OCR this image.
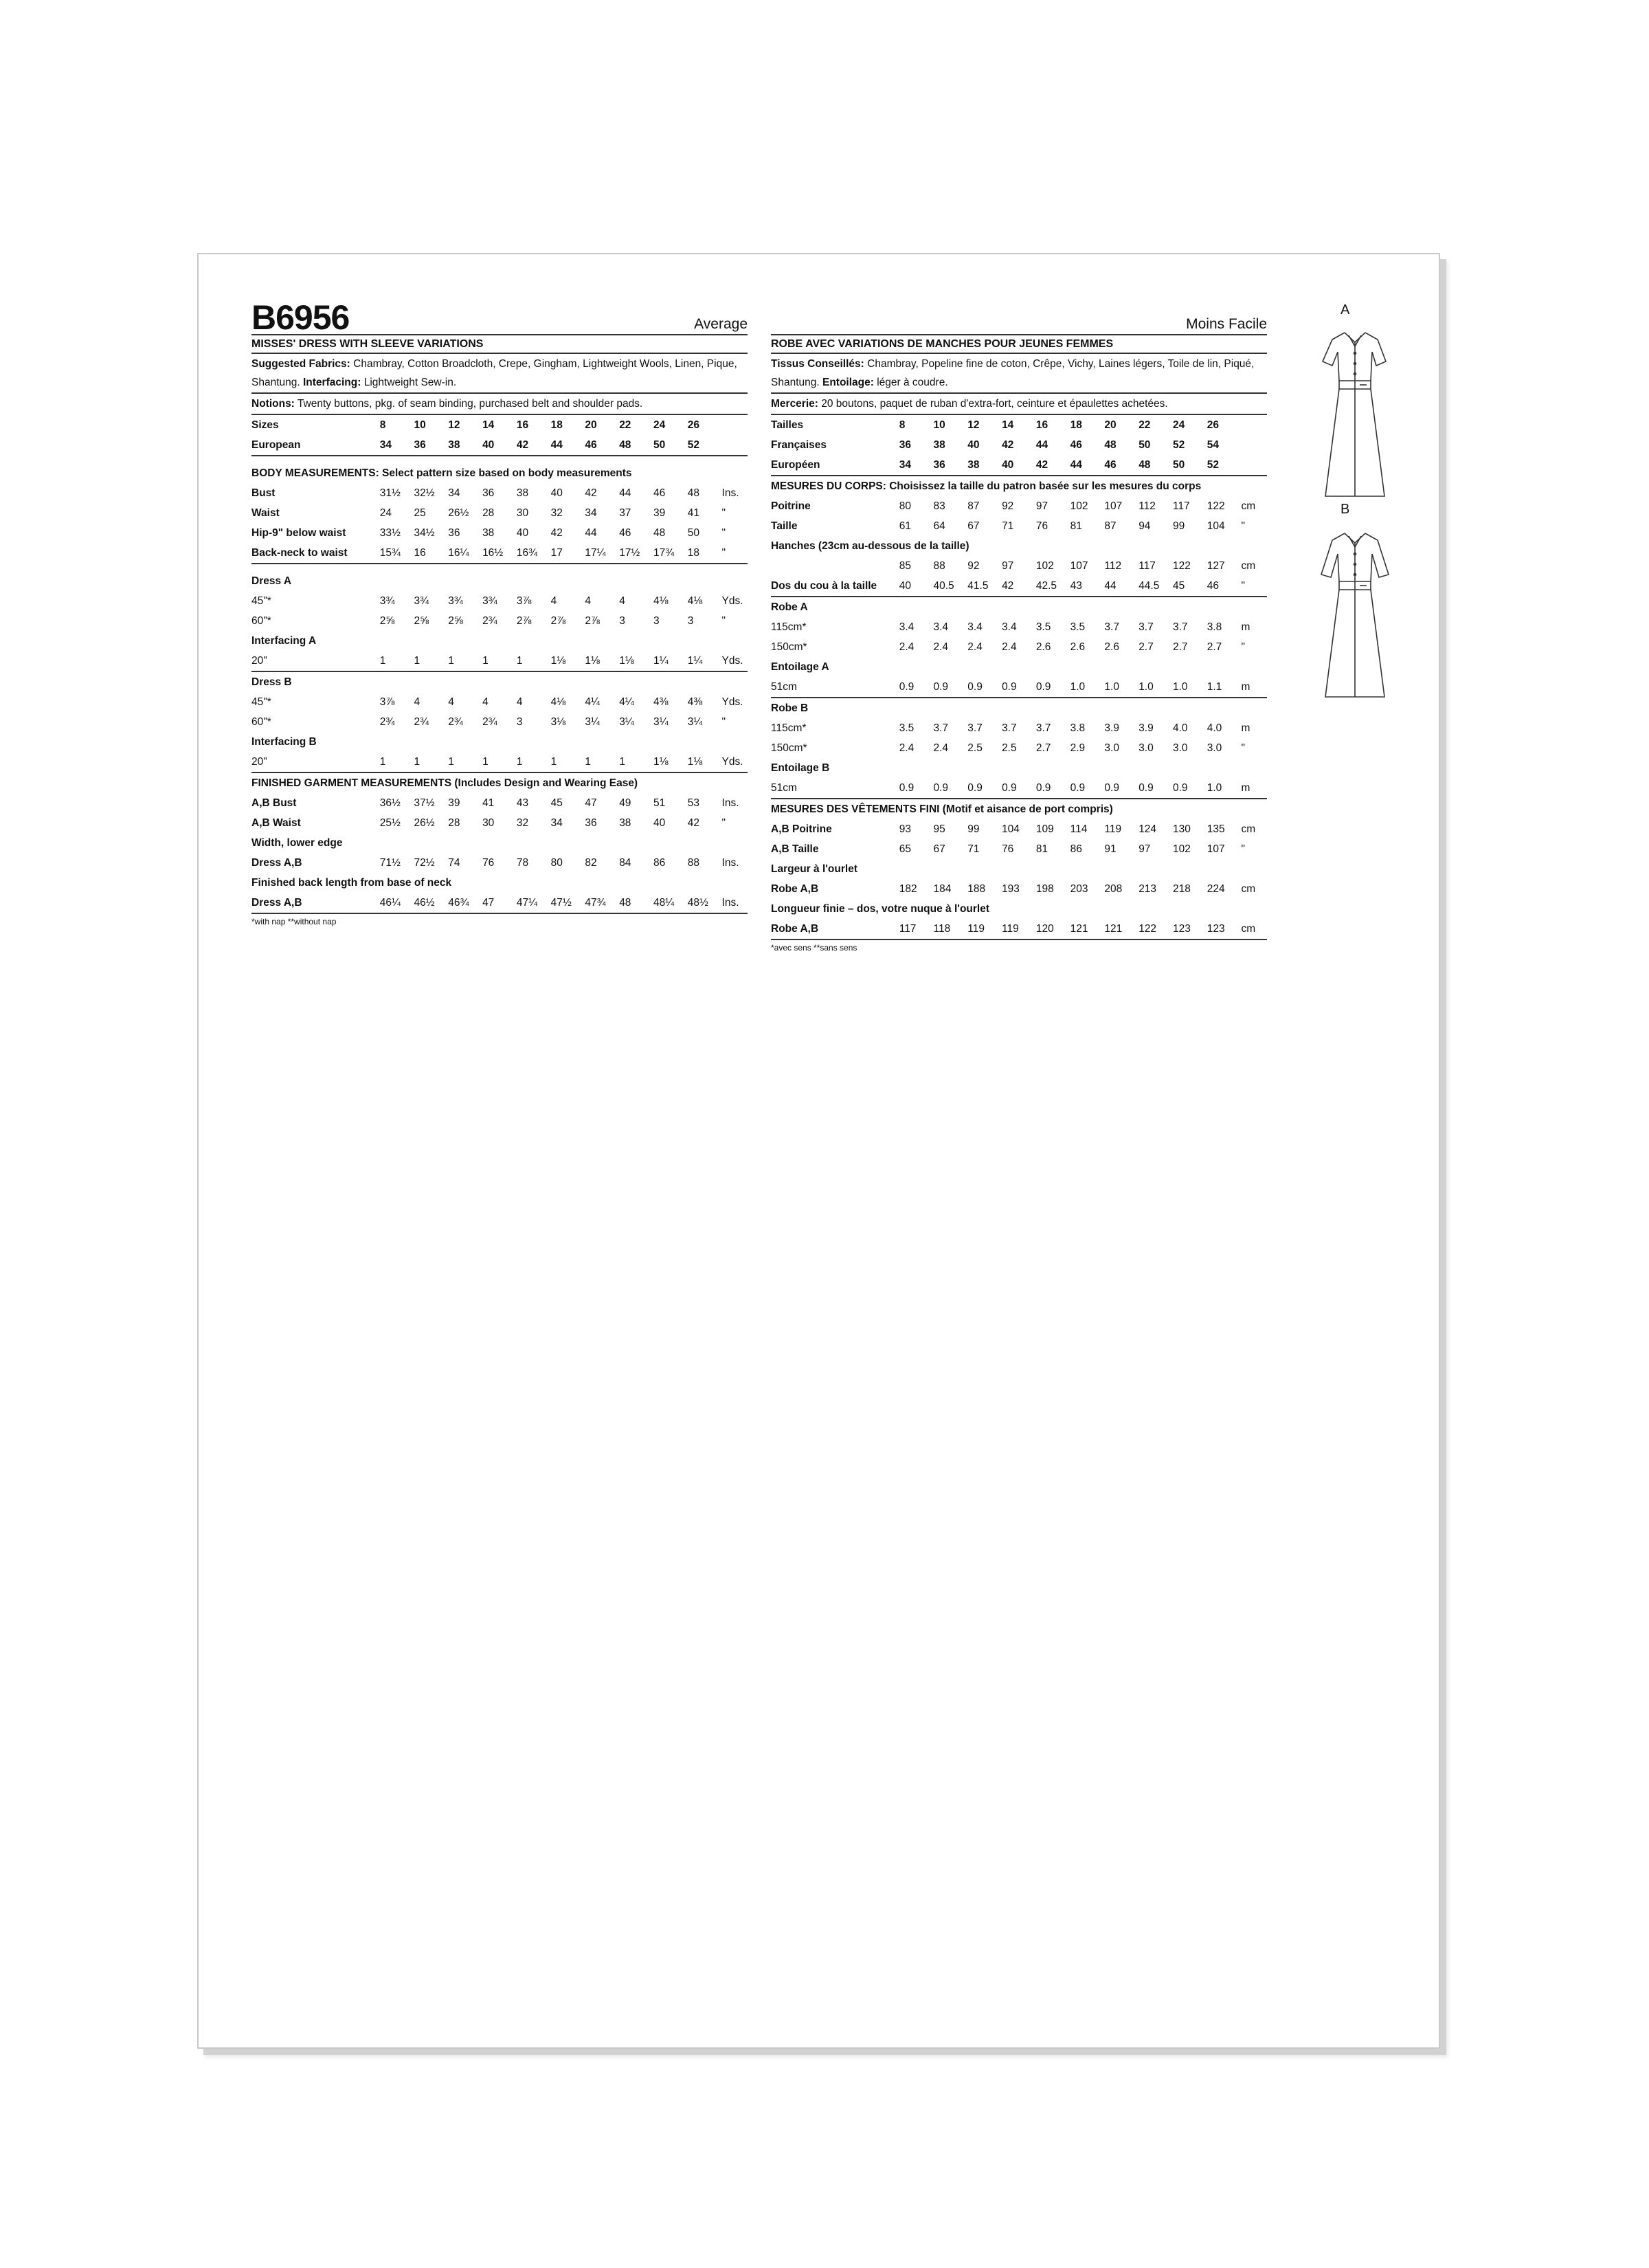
B6956	Average
MISSES' DRESS WITH SLEEVE VARIATIONS
Suggested Fabrics: Chambray, Cotton Broadcloth, Crepe, Gingham, Lightweight Wools, Linen, Pique, Shantung. Interfacing: Lightweight Sew-in.
Notions: Twenty buttons, pkg. of seam binding, purchased belt and shoulder pads.
Sizes	8	10	12	14	16	18	20	22	24	26	
European	34	36	38	40	42	44	46	48	50	52	
BODY MEASUREMENTS: Select pattern size based on body measurements											
Bust	31½	32½	34	36	38	40	42	44	46	48	Ins.
Waist	24	25	26½	28	30	32	34	37	39	41	"
Hip-9" below waist	33½	34½	36	38	40	42	44	46	48	50	"
Back-neck to waist	15¾	16	16¼	16½	16¾	17	17¼	17½	17¾	18	"
Dress A											
45"*	3¾	3¾	3¾	3¾	3⅞	4	4	4	4⅛	4⅛	Yds.
60"*	2⅝	2⅝	2⅝	2¾	2⅞	2⅞	2⅞	3	3	3	"
Interfacing A											
20"	1	1	1	1	1	1⅛	1⅛	1⅛	1¼	1¼	Yds.
Dress B											
45"*	3⅞	4	4	4	4	4⅛	4¼	4¼	4⅜	4⅜	Yds.
60"*	2¾	2¾	2¾	2¾	3	3⅛	3¼	3¼	3¼	3¼	"
Interfacing B											
20"	1	1	1	1	1	1	1	1	1⅛	1⅛	Yds.
FINISHED GARMENT MEASUREMENTS (Includes Design and Wearing Ease)											
A,B Bust	36½	37½	39	41	43	45	47	49	51	53	Ins.
A,B Waist	25½	26½	28	30	32	34	36	38	40	42	"
Width, lower edge											
Dress A,B	71½	72½	74	76	78	80	82	84	86	88	Ins.
Finished back length from base of neck											
Dress A,B	46¼	46½	46¾	47	47¼	47½	47¾	48	48¼	48½	Ins.
*with nap **without nap
Moins Facile
ROBE AVEC VARIATIONS DE MANCHES POUR JEUNES FEMMES
Tissus Conseillés: Chambray, Popeline fine de coton, Crêpe, Vichy, Laines légers, Toile de lin, Piqué, Shantung. Entoilage: léger à coudre.
Mercerie: 20 boutons, paquet de ruban d'extra-fort, ceinture et épaulettes achetées.
Tailles	8	10	12	14	16	18	20	22	24	26	
Françaises	36	38	40	42	44	46	48	50	52	54	
Européen	34	36	38	40	42	44	46	48	50	52	
MESURES DU CORPS: Choisissez la taille du patron basée sur les mesures du corps											
Poitrine	80	83	87	92	97	102	107	112	117	122	cm
Taille	61	64	67	71	76	81	87	94	99	104	"
Hanches (23cm au-dessous de la taille)											
	85	88	92	97	102	107	112	117	122	127	cm
Dos du cou à la taille	40	40.5	41.5	42	42.5	43	44	44.5	45	46	"
Robe A											
115cm*	3.4	3.4	3.4	3.4	3.5	3.5	3.7	3.7	3.7	3.8	m
150cm*	2.4	2.4	2.4	2.4	2.6	2.6	2.6	2.7	2.7	2.7	"
Entoilage A											
51cm	0.9	0.9	0.9	0.9	0.9	1.0	1.0	1.0	1.0	1.1	m
Robe B											
115cm*	3.5	3.7	3.7	3.7	3.7	3.8	3.9	3.9	4.0	4.0	m
150cm*	2.4	2.4	2.5	2.5	2.7	2.9	3.0	3.0	3.0	3.0	"
Entoilage B											
51cm	0.9	0.9	0.9	0.9	0.9	0.9	0.9	0.9	0.9	1.0	m
MESURES DES VÊTEMENTS FINI (Motif et aisance de port compris)											
A,B Poitrine	93	95	99	104	109	114	119	124	130	135	cm
A,B Taille	65	67	71	76	81	86	91	97	102	107	"
Largeur à l'ourlet											
Robe A,B	182	184	188	193	198	203	208	213	218	224	cm
Longueur finie – dos, votre nuque à l'ourlet											
Robe A,B	117	118	119	119	120	121	121	122	123	123	cm
*avec sens **sans sens
A
B
